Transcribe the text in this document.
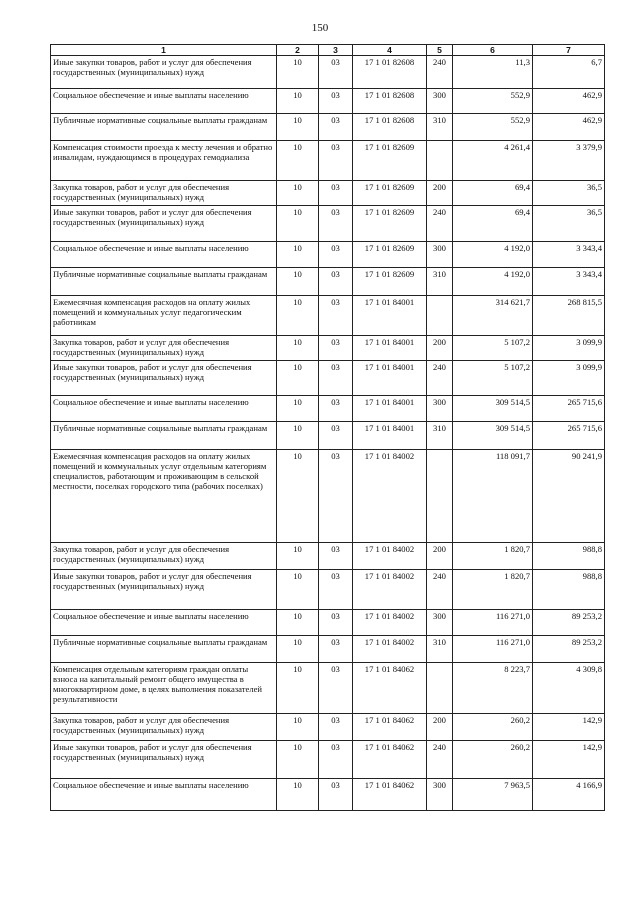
150
1	2	3	4	5	6	7
Иные закупки товаров, работ и услуг для обеспечения государственных (муниципальных) нужд	10	03	17 1 01 82608	240	11,3	6,7
Социальное обеспечение и иные выплаты населению	10	03	17 1 01 82608	300	552,9	462,9
Публичные нормативные социальные выплаты гражданам	10	03	17 1 01 82608	310	552,9	462,9
Компенсация стоимости проезда к месту лечения и обратно инвалидам, нуждающимся в процедурах гемодиализа	10	03	17 1 01 82609		4 261,4	3 379,9
Закупка товаров, работ и услуг для обеспечения государственных (муниципальных) нужд	10	03	17 1 01 82609	200	69,4	36,5
Иные закупки товаров, работ и услуг для обеспечения государственных (муниципальных) нужд	10	03	17 1 01 82609	240	69,4	36,5
Социальное обеспечение и иные выплаты населению	10	03	17 1 01 82609	300	4 192,0	3 343,4
Публичные нормативные социальные выплаты гражданам	10	03	17 1 01 82609	310	4 192,0	3 343,4
Ежемесячная компенсация расходов на оплату жилых помещений и коммунальных услуг педагогическим работникам	10	03	17 1 01 84001		314 621,7	268 815,5
Закупка товаров, работ и услуг для обеспечения государственных (муниципальных) нужд	10	03	17 1 01 84001	200	5 107,2	3 099,9
Иные закупки товаров, работ и услуг для обеспечения государственных (муниципальных) нужд	10	03	17 1 01 84001	240	5 107,2	3 099,9
Социальное обеспечение и иные выплаты населению	10	03	17 1 01 84001	300	309 514,5	265 715,6
Публичные нормативные социальные выплаты гражданам	10	03	17 1 01 84001	310	309 514,5	265 715,6
Ежемесячная компенсация расходов на оплату жилых помещений и коммунальных услуг отдельным категориям специалистов, работающим и проживающим в сельской местности, поселках городского типа (рабочих поселках)	10	03	17 1 01 84002		118 091,7	90 241,9
Закупка товаров, работ и услуг для обеспечения государственных (муниципальных) нужд	10	03	17 1 01 84002	200	1 820,7	988,8
Иные закупки товаров, работ и услуг для обеспечения государственных (муниципальных) нужд	10	03	17 1 01 84002	240	1 820,7	988,8
Социальное обеспечение и иные выплаты населению	10	03	17 1 01 84002	300	116 271,0	89 253,2
Публичные нормативные социальные выплаты гражданам	10	03	17 1 01 84002	310	116 271,0	89 253,2
Компенсация отдельным категориям граждан оплаты взноса на капитальный ремонт общего имущества в многоквартирном доме, в целях выполнения показателей результативности	10	03	17 1 01 84062		8 223,7	4 309,8
Закупка товаров, работ и услуг для обеспечения государственных (муниципальных) нужд	10	03	17 1 01 84062	200	260,2	142,9
Иные закупки товаров, работ и услуг для обеспечения государственных (муниципальных) нужд	10	03	17 1 01 84062	240	260,2	142,9
Социальное обеспечение и иные выплаты населению	10	03	17 1 01 84062	300	7 963,5	4 166,9
